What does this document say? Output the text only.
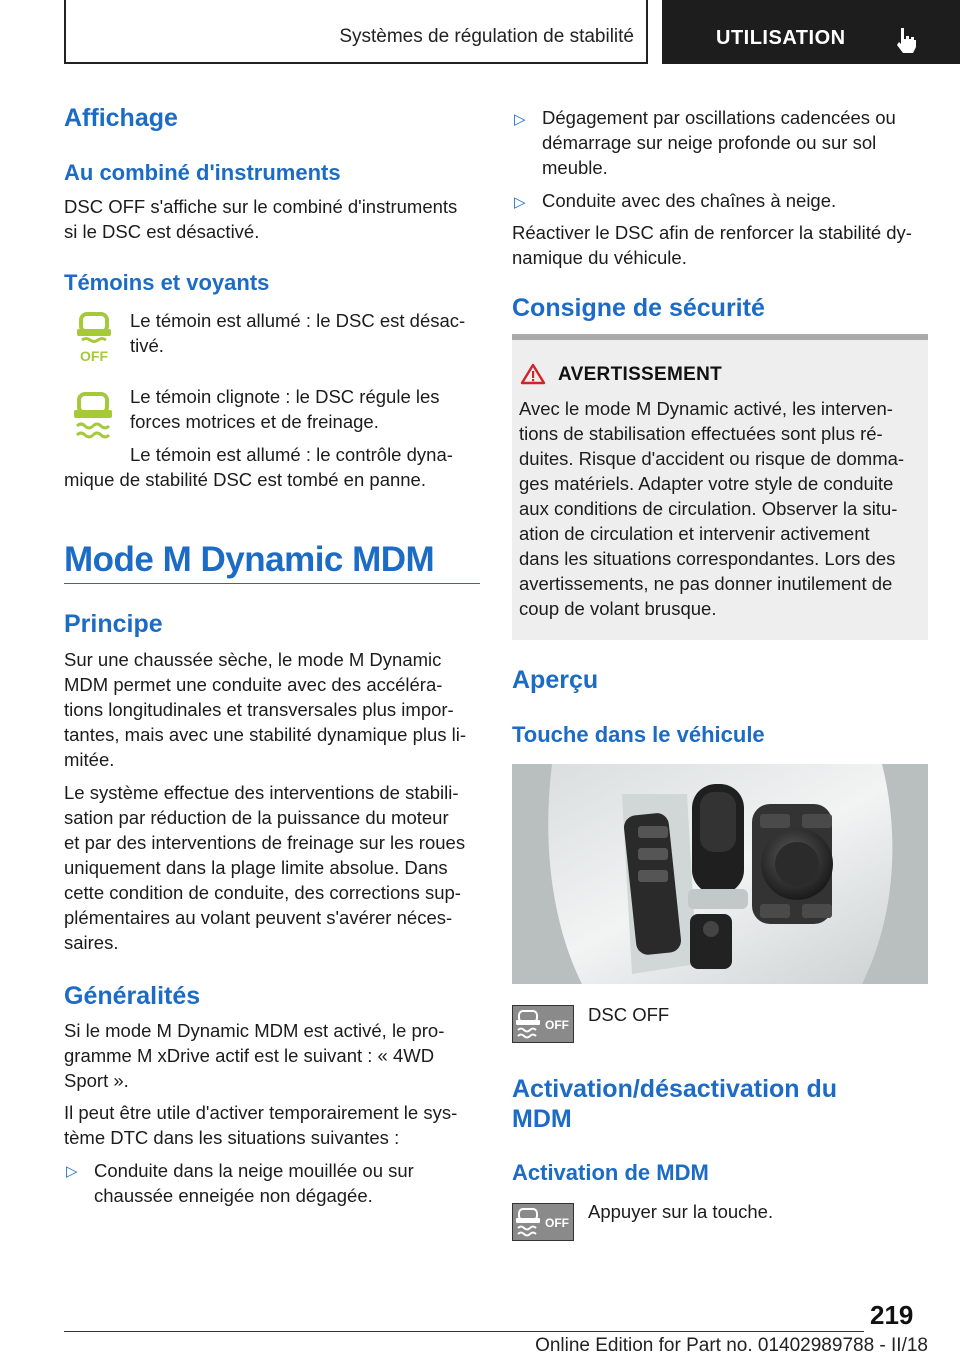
Systèmes de régulation de stabilité	UTILISATION
Affichage
Au combiné d'instruments

DSC OFF s'affiche sur le combiné d'instruments

si le DSC est désactivé.

Témoins et voyants
OFF

Le témoin est allumé : le DSC est désac-

tivé.

Le témoin clignote : le DSC régule les

forces motrices et de freinage.

Le témoin est allumé : le contrôle dyna-

mique de stabilité DSC est tombé en panne.

Mode M Dynamic MDM
Principe

Sur une chaussée sèche, le mode M Dynamic

MDM permet une conduite avec des accéléra-

tions longitudinales et transversales plus impor-

tantes, mais avec une stabilité dynamique plus li-

mitée.

Le système effectue des interventions de stabili-

sation par réduction de la puissance du moteur

et par des interventions de freinage sur les roues

uniquement dans la plage limite absolue. Dans

cette condition de conduite, des corrections sup-

plémentaires au volant peuvent s'avérer néces-

saires.

Généralités

Si le mode M Dynamic MDM est activé, le pro-

gramme M xDrive actif est le suivant : « 4WD

Sport ».

Il peut être utile d'activer temporairement le sys-

tème DTC dans les situations suivantes :

▷ Conduite dans la neige mouillée ou sur

chaussée enneigée non dégagée.

▷ Dégagement par oscillations cadencées ou

démarrage sur neige profonde ou sur sol

meuble.

▷ Conduite avec des chaînes à neige.

Réactiver le DSC afin de renforcer la stabilité dy-

namique du véhicule.

Consigne de sécurité
AVERTISSEMENT

Avec le mode M Dynamic activé, les interven-

tions de stabilisation effectuées sont plus ré-

duites. Risque d'accident ou risque de domma-

ges matériels. Adapter votre style de conduite

aux conditions de circulation. Observer la situ-

ation de circulation et intervenir activement

dans les situations correspondantes. Lors des

avertissements, ne pas donner inutilement de

coup de volant brusque.

Aperçu
Touche dans le véhicule
OFF DSC OFF

Activation/désactivation du

MDM

Activation de MDM
OFF
Appuyer sur la touche.
219
Online Edition for Part no. 01402989788 - II/18
